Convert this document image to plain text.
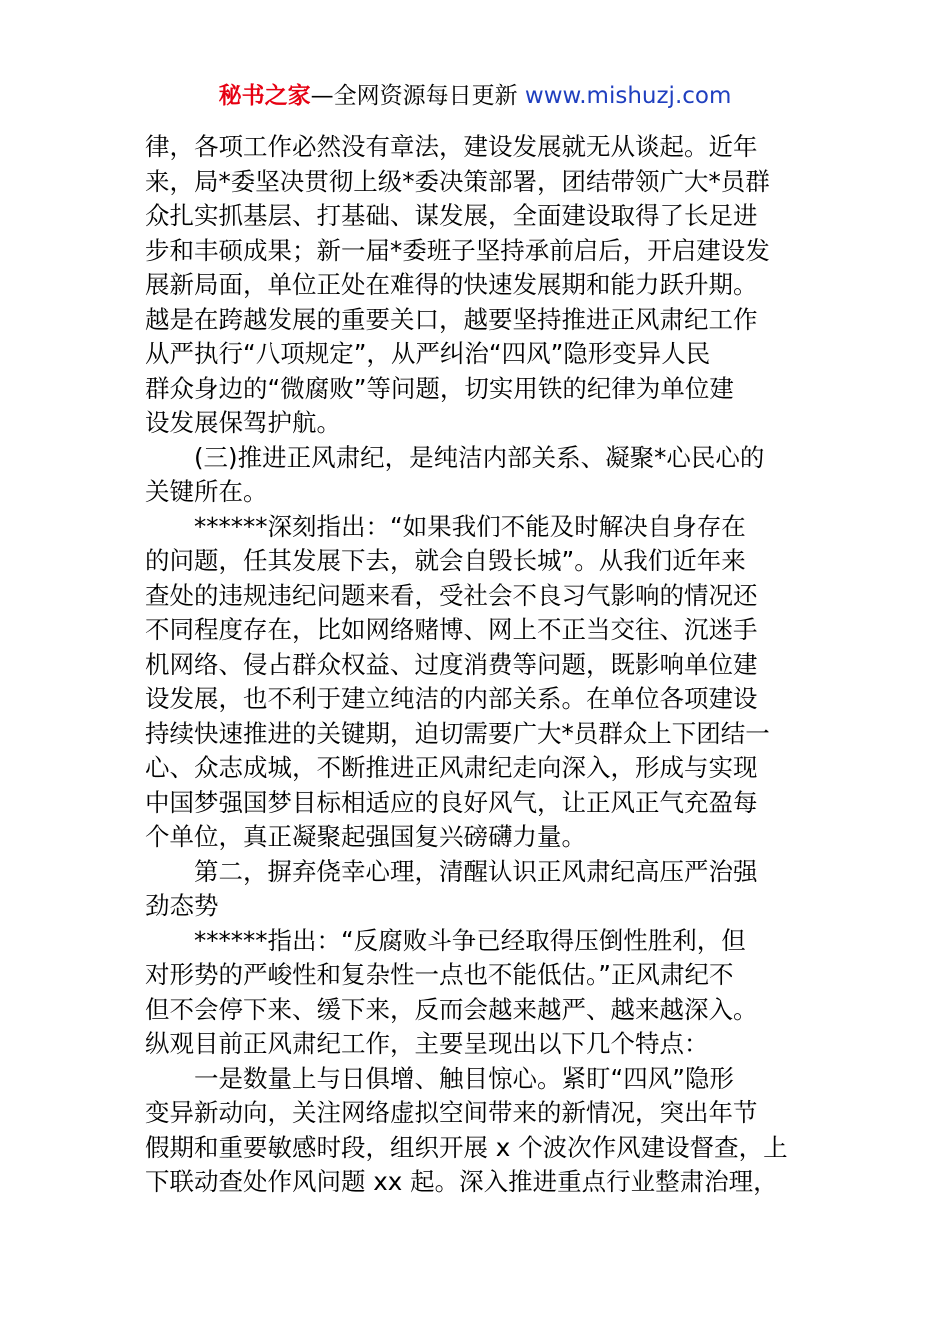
秘书之家—全网资源每日更新 www.mishuzj.com
律，各项工作必然没有章法，建设发展就无从谈起。近年
来，局*委坚决贯彻上级*委决策部署，团结带领广大*员群
众扎实抓基层、打基础、谋发展，全面建设取得了长足进
步和丰硕成果；新一届*委班子坚持承前启后，开启建设发
展新局面，单位正处在难得的快速发展期和能力跃升期。
越是在跨越发展的重要关口，越要坚持推进正风肃纪工作
从严执行“八项规定”，从严纠治“四风”隐形变异人民
群众身边的“微腐败”等问题，切实用铁的纪律为单位建
设发展保驾护航。
　　(三)推进正风肃纪，是纯洁内部关系、凝聚*心民心的
关键所在。
　　******深刻指出：“如果我们不能及时解决自身存在
的问题，任其发展下去，就会自毁长城”。从我们近年来
查处的违规违纪问题来看，受社会不良习气影响的情况还
不同程度存在，比如网络赌博、网上不正当交往、沉迷手
机网络、侵占群众权益、过度消费等问题，既影响单位建
设发展，也不利于建立纯洁的内部关系。在单位各项建设
持续快速推进的关键期，迫切需要广大*员群众上下团结一
心、众志成城，不断推进正风肃纪走向深入，形成与实现
中国梦强国梦目标相适应的良好风气，让正风正气充盈每
个单位，真正凝聚起强国复兴磅礴力量。
　　第二，摒弃侥幸心理，清醒认识正风肃纪高压严治强
劲态势
　　******指出：“反腐败斗争已经取得压倒性胜利，但
对形势的严峻性和复杂性一点也不能低估。”正风肃纪不
但不会停下来、缓下来，反而会越来越严、越来越深入。
纵观目前正风肃纪工作，主要呈现出以下几个特点：
　　一是数量上与日俱增、触目惊心。紧盯“四风”隐形
变异新动向，关注网络虚拟空间带来的新情况，突出年节
假期和重要敏感时段，组织开展 x 个波次作风建设督查，上
下联动查处作风问题 xx 起。深入推进重点行业整肃治理，
